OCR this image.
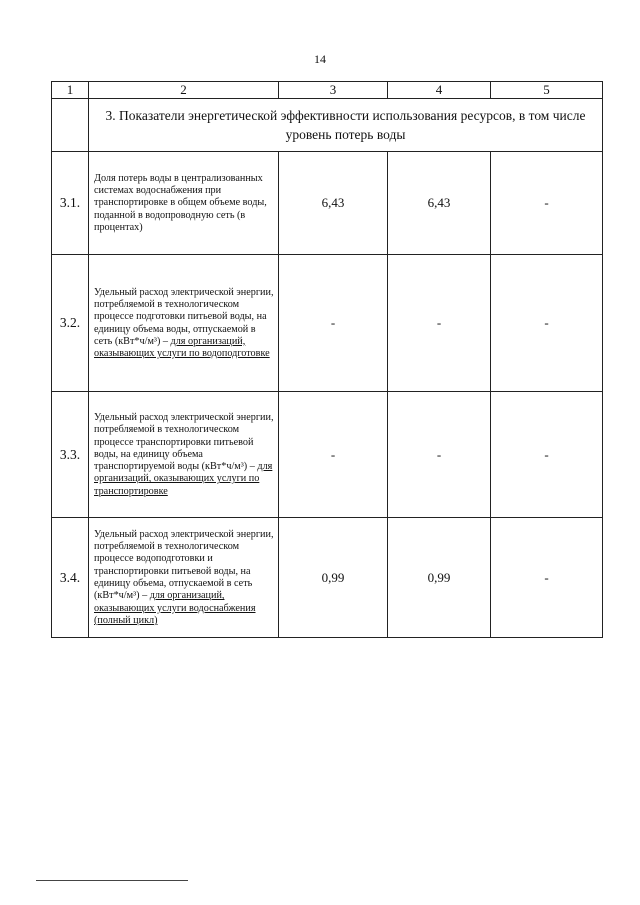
14
1	2	3	4	5
	3. Показатели энергетической эффективности использования ресурсов, в том числе уровень потерь воды			
3.1.	Доля потерь воды в централизованных системах водоснабжения при транспортировке в общем объеме воды, поданной в водопроводную сеть (в процентах)	6,43	6,43	-
3.2.	Удельный расход электрической энергии, потребляемой в технологическом процессе подготовки питьевой воды, на единицу объема воды, отпускаемой в сеть (кВт*ч/м³) – для организаций, оказывающих услуги по водоподготовке	-	-	-
3.3.	Удельный расход электрической энергии, потребляемой в технологическом процессе транспортировки питьевой воды, на единицу объема транспортируемой воды (кВт*ч/м³) – для организаций, оказывающих услуги по транспортировке	-	-	-
3.4.	Удельный расход электрической энергии, потребляемой в технологическом процессе водоподготовки и транспортировки питьевой воды, на единицу объема, отпускаемой в сеть (кВт*ч/м³) – для организаций, оказывающих услуги водоснабжения (полный цикл)	0,99	0,99	-
